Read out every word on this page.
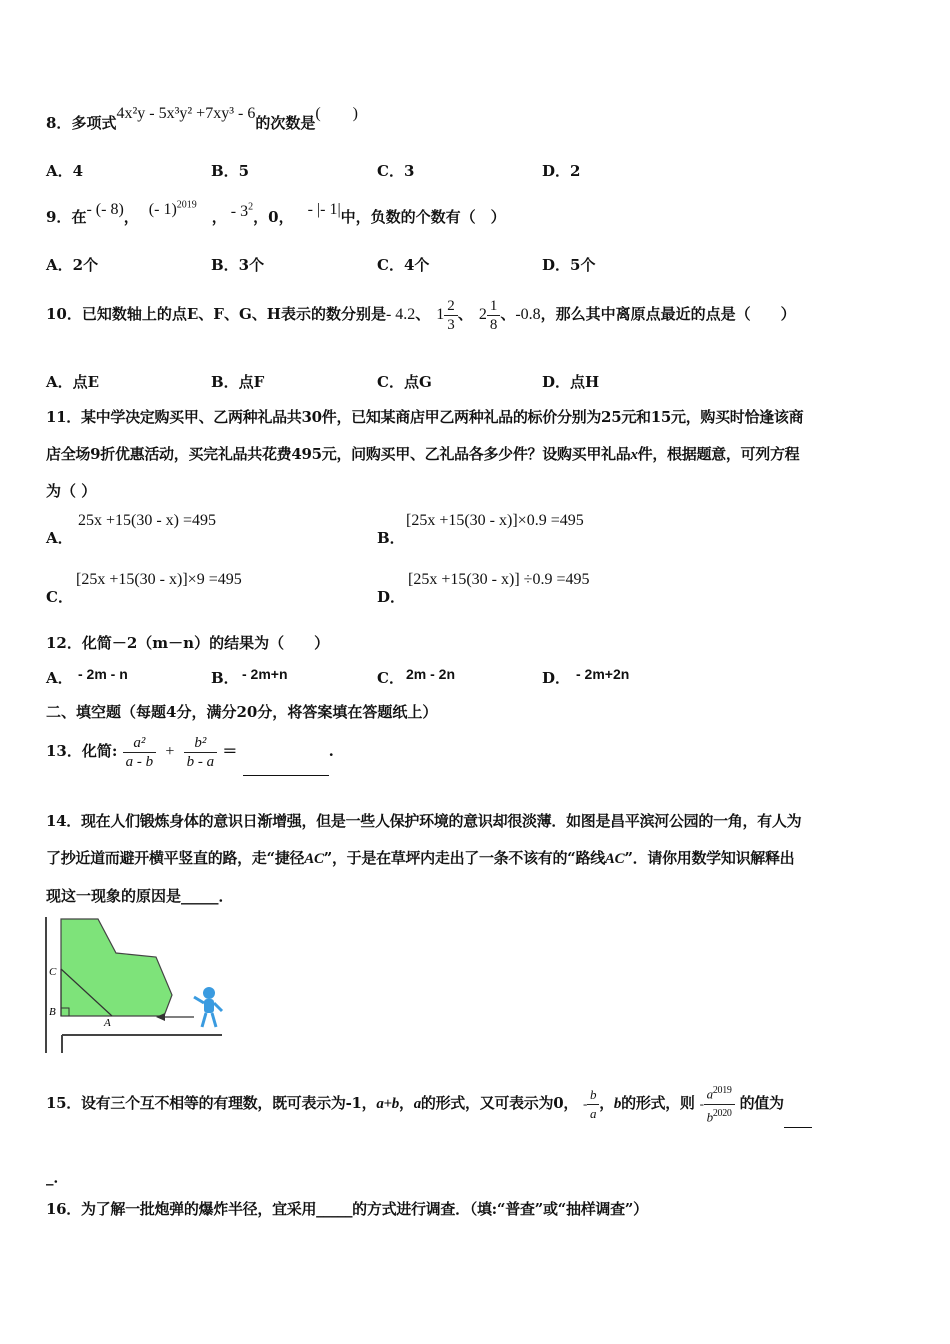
8．多项式4x²y - 5x³y² +7xy³ - 6的次数是(　　)
A．4	B．5	C．3	D．2
9．在- (- 8)， (- 1)$^{2019}$　， - $3^2$，0， - |- 1|中，负数的个数有（　）
A．2个	B．3个	C．4个	D．5个
10．已知数轴上的点E、F、G、H表示的数分别是- 4.2、 $1 \frac{2}{3}$ 、 $2 \frac{1}{8}$ 、-0.8，那么其中离原点最近的点是（　　）
A．点E	B．点F	C．点G	D．点H
11．某中学决定购买甲、乙两种礼品共30件，已知某商店甲乙两种礼品的标价分别为25元和15元，购买时恰逢该商
店全场9折优惠活动，买完礼品共花费495元，问购买甲、乙礼品各多少件？设购买甲礼品x件，根据题意，可列方程
为（ ）
A．
25x +15(30 - x) =495
B．
[25x +15(30 - x)]×0.9 =495
C．
[25x +15(30 - x)]×9 =495
D．
[25x +15(30 - x)] ÷0.9 =495
12．化简－2（m－n）的结果为（　　）
A． - 2m - n	B． - 2m+n	C． 2m - 2n	D． - 2m+2n
二、填空题（每题4分，满分20分，将答案填在答题纸上）
13．化简: $\frac{\text{a²}}{a - b} + \frac{\text{b²}}{b - a}$ ＝	.
14．现在人们锻炼身体的意识日渐增强，但是一些人保护环境的意识却很淡薄．如图是昌平滨河公园的一角，有人为
了抄近道而避开横平竖直的路，走“捷径AC”，于是在草坪内走出了一条不该有的“路线AC”．请你用数学知识解释出
现这一现象的原因是_____．
C
B
A
15．设有三个互不相等的有理数，既可表示为-1，a+b，a的形式，又可表示为0， - $\frac{b}{a}$ ，b的形式，则 - $\frac{a^{2019}}{b^{2020}}$ 的值为
_．
16．为了解一批炮弹的爆炸半径，宜采用_____的方式进行调查．（填:“普查”或“抽样调查”）
